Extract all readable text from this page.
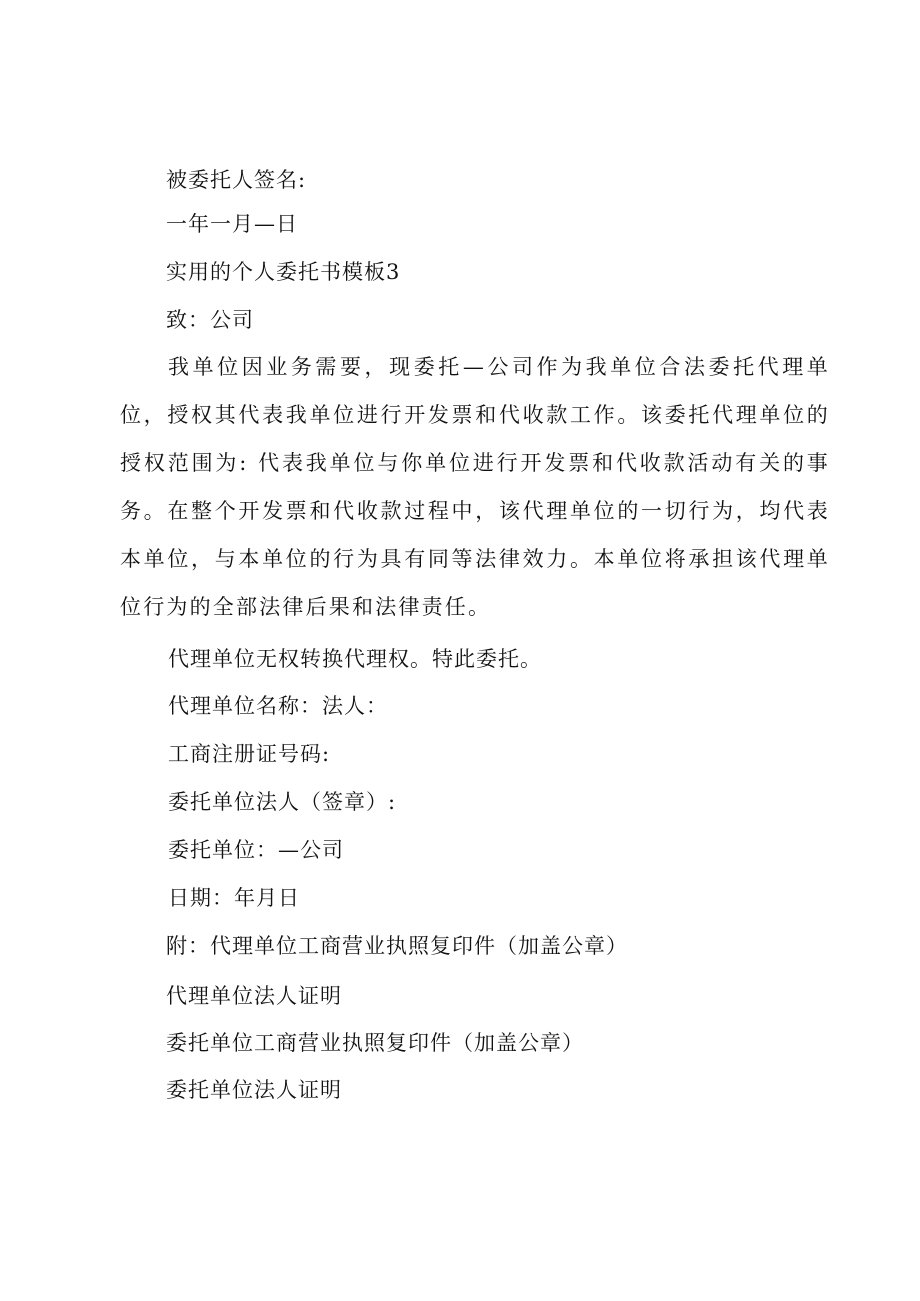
被委托人签名:
一年一月—日
实用的个人委托书模板3
致：公司
我单位因业务需要，现委托—公司作为我单位合法委托代理单位，授权其代表我单位进行开发票和代收款工作。该委托代理单位的授权范围为: 代表我单位与你单位进行开发票和代收款活动有关的事务。在整个开发票和代收款过程中，该代理单位的一切行为，均代表本单位，与本单位的行为具有同等法律效力。本单位将承担该代理单位行为的全部法律后果和法律责任。
代理单位无权转换代理权。特此委托。
代理单位名称：法人：
工商注册证号码:
委托单位法人（签章）:
委托单位：—公司
日期：年月日
附：代理单位工商营业执照复印件（加盖公章）
代理单位法人证明
委托单位工商营业执照复印件（加盖公章）
委托单位法人证明
